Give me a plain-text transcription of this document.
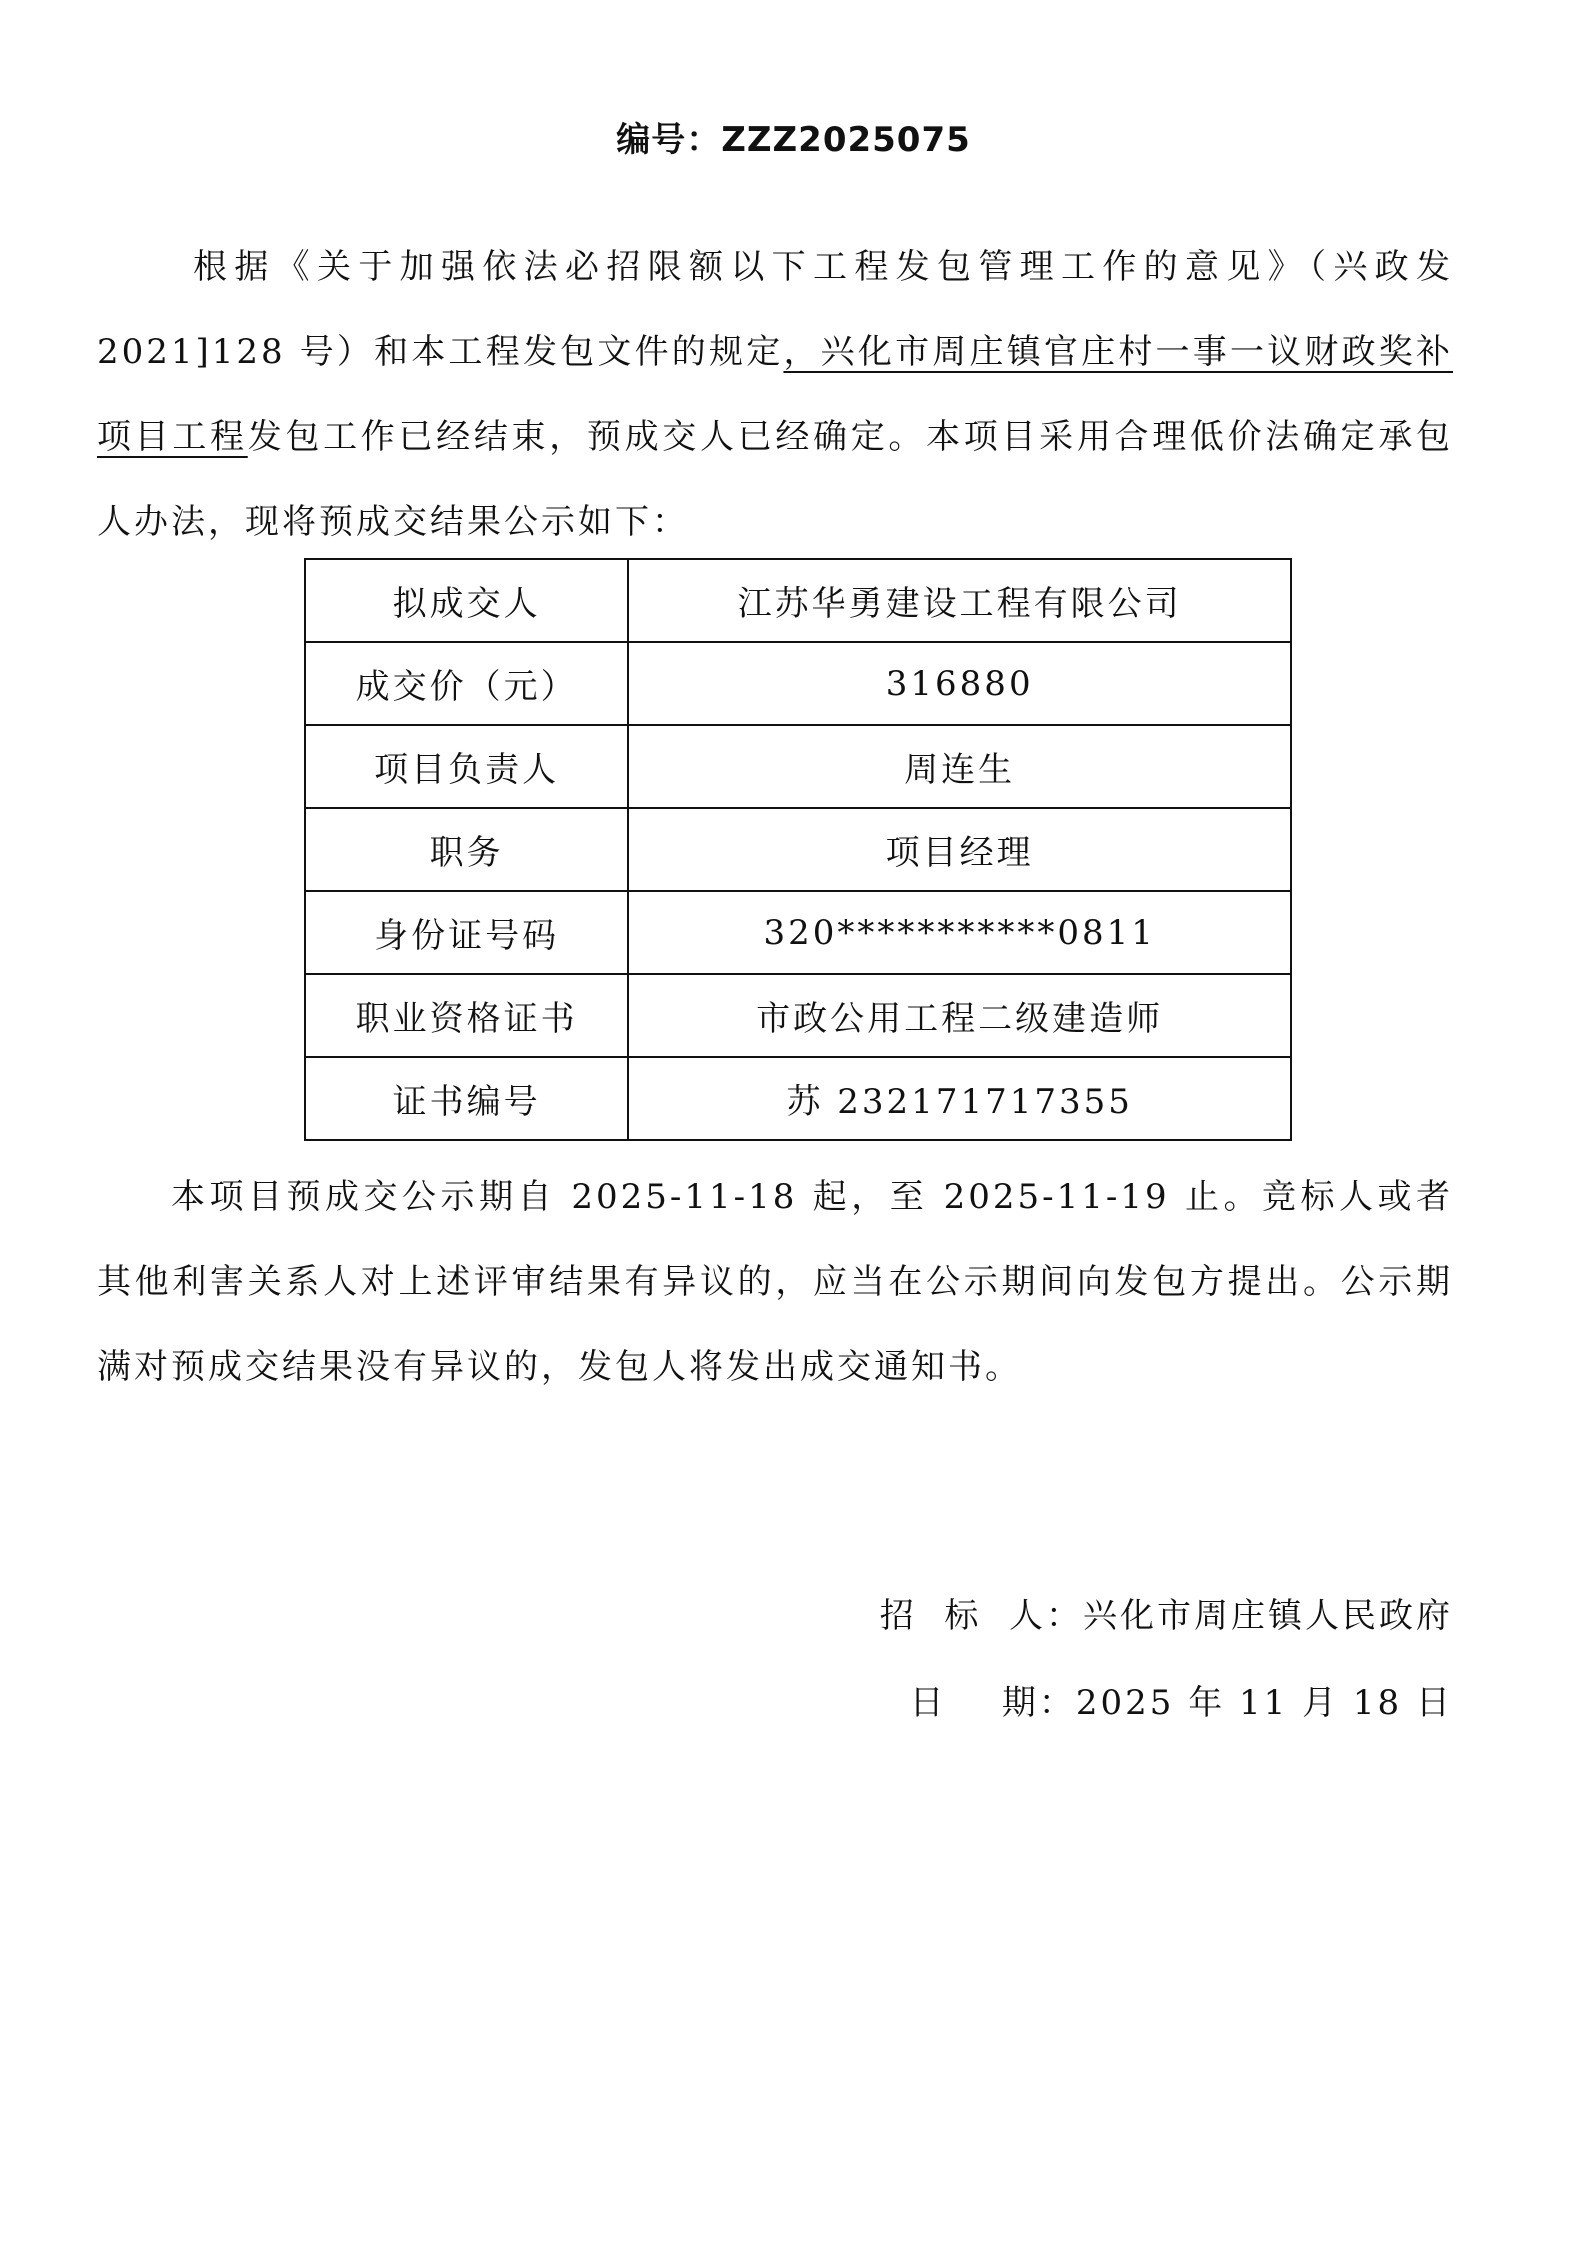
编号：ZZZ2025075

根据《关于加强依法必招限额以下工程发包管理工作的意见》（兴政发2021]128 号）和本工程发包文件的规定，兴化市周庄镇官庄村一事一议财政奖补项目工程发包工作已经结束，预成交人已经确定。本项目采用合理低价法确定承包人办法，现将预成交结果公示如下：

拟成交人	江苏华勇建设工程有限公司
成交价（元）	316880
项目负责人	周连生
职务	项目经理
身份证号码	320***********0811
职业资格证书	市政公用工程二级建造师
证书编号	苏 232171717355

本项目预成交公示期自 2025-11-18 起，至 2025-11-19 止。竞标人或者其他利害关系人对上述评审结果有异议的，应当在公示期间向发包方提出。公示期满对预成交结果没有异议的，发包人将发出成交通知书。

招  标  人：兴化市周庄镇人民政府
日    期：2025 年 11 月 18 日
